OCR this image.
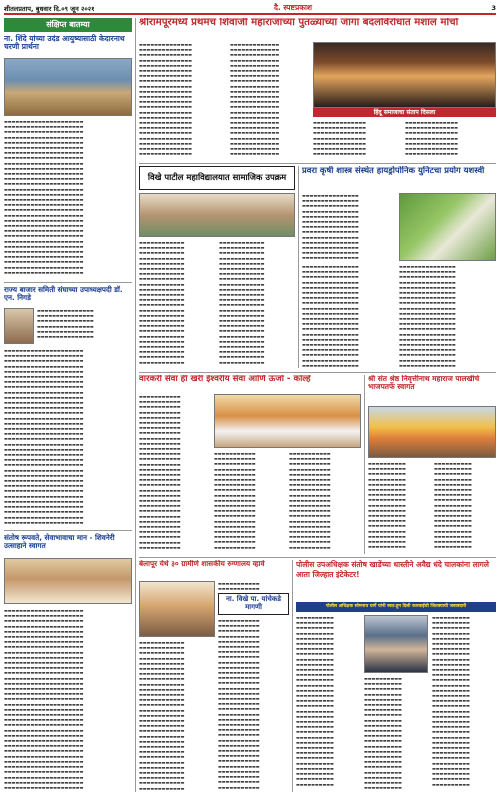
शीतलप्रताप, बुधवार दि.०९ जून २०२१	दै. स्पष्टप्रकाश	3
संक्षिप्त बातम्या
ना. शिंदे यांच्या उदंड आयुष्यासाठी केदारनाथ चरणी प्रार्थना
▬▬▬▬▬▬▬▬▬▬▬▬▬▬▬▬▬▬▬▬▬
▬▬▬▬▬▬▬▬▬▬▬▬▬▬▬▬▬▬▬▬▬
▬▬▬▬▬▬▬▬▬▬▬▬▬▬▬▬▬▬▬▬▬
▬▬▬▬▬▬▬▬▬▬▬▬▬▬▬▬▬▬▬▬▬
▬▬▬▬▬▬▬▬▬▬▬▬▬▬▬▬▬▬▬▬▬
▬▬▬▬▬▬▬▬▬▬▬▬▬▬▬▬▬▬▬▬▬
▬▬▬▬▬▬▬▬▬▬▬▬▬▬▬▬▬▬▬▬▬
▬▬▬▬▬▬▬▬▬▬▬▬▬▬▬▬▬▬▬▬▬
▬▬▬▬▬▬▬▬▬▬▬▬▬▬▬▬▬▬▬▬▬
▬▬▬▬▬▬▬▬▬▬▬▬▬▬▬▬▬▬▬▬▬
▬▬▬▬▬▬▬▬▬▬▬▬▬▬▬▬▬▬▬▬▬
▬▬▬▬▬▬▬▬▬▬▬▬▬▬▬▬▬▬▬▬▬
▬▬▬▬▬▬▬▬▬▬▬▬▬▬▬▬▬▬▬▬▬
▬▬▬▬▬▬▬▬▬▬▬▬▬▬▬▬▬▬▬▬▬
▬▬▬▬▬▬▬▬▬▬▬▬▬▬▬▬▬▬▬▬▬
▬▬▬▬▬▬▬▬▬▬▬▬▬▬▬▬▬▬▬▬▬
▬▬▬▬▬▬▬▬▬▬▬▬▬▬▬▬▬▬▬▬▬
▬▬▬▬▬▬▬▬▬▬▬▬▬▬▬▬▬▬▬▬▬
▬▬▬▬▬▬▬▬▬▬▬▬▬▬▬▬▬▬▬▬▬
▬▬▬▬▬▬▬▬▬▬▬▬▬▬▬▬▬▬▬▬▬
▬▬▬▬▬▬▬▬▬▬▬▬▬▬▬▬▬▬▬▬▬
▬▬▬▬▬▬▬▬▬▬▬▬▬▬▬▬▬▬▬▬▬
▬▬▬▬▬▬▬▬▬▬▬▬▬▬▬▬▬▬▬▬▬
▬▬▬▬▬▬▬▬▬▬▬▬▬▬▬▬▬▬▬▬▬
▬▬▬▬▬▬▬▬▬▬▬▬▬▬▬▬▬▬▬▬▬
▬▬▬▬▬▬▬▬▬▬▬▬▬▬▬▬▬▬▬▬▬
▬▬▬▬▬▬▬▬▬▬▬▬▬▬▬▬▬▬▬▬▬
▬▬▬▬▬▬▬▬▬▬▬▬▬▬▬▬▬▬▬▬▬
▬▬▬▬▬▬▬▬▬▬▬▬▬▬▬▬▬▬▬▬▬
▬▬▬▬▬▬▬▬▬▬▬▬▬▬▬▬▬▬▬▬▬
राज्य बाजार समिती संघाच्या उपाध्यक्षपदी डॉ. एन. निगडे
▬▬▬▬▬▬▬▬▬▬▬▬▬▬▬
▬▬▬▬▬▬▬▬▬▬▬▬▬▬▬
▬▬▬▬▬▬▬▬▬▬▬▬▬▬▬
▬▬▬▬▬▬▬▬▬▬▬▬▬▬▬
▬▬▬▬▬▬▬▬▬▬▬▬▬▬▬
▬▬▬▬▬▬▬▬▬▬▬▬▬▬▬
▬▬▬▬▬▬▬▬▬▬▬▬▬▬▬▬▬▬▬▬▬
▬▬▬▬▬▬▬▬▬▬▬▬▬▬▬▬▬▬▬▬▬
▬▬▬▬▬▬▬▬▬▬▬▬▬▬▬▬▬▬▬▬▬
▬▬▬▬▬▬▬▬▬▬▬▬▬▬▬▬▬▬▬▬▬
▬▬▬▬▬▬▬▬▬▬▬▬▬▬▬▬▬▬▬▬▬
▬▬▬▬▬▬▬▬▬▬▬▬▬▬▬▬▬▬▬▬▬
▬▬▬▬▬▬▬▬▬▬▬▬▬▬▬▬▬▬▬▬▬
▬▬▬▬▬▬▬▬▬▬▬▬▬▬▬▬▬▬▬▬▬
▬▬▬▬▬▬▬▬▬▬▬▬▬▬▬▬▬▬▬▬▬
▬▬▬▬▬▬▬▬▬▬▬▬▬▬▬▬▬▬▬▬▬
▬▬▬▬▬▬▬▬▬▬▬▬▬▬▬▬▬▬▬▬▬
▬▬▬▬▬▬▬▬▬▬▬▬▬▬▬▬▬▬▬▬▬
▬▬▬▬▬▬▬▬▬▬▬▬▬▬▬▬▬▬▬▬▬
▬▬▬▬▬▬▬▬▬▬▬▬▬▬▬▬▬▬▬▬▬
▬▬▬▬▬▬▬▬▬▬▬▬▬▬▬▬▬▬▬▬▬
▬▬▬▬▬▬▬▬▬▬▬▬▬▬▬▬▬▬▬▬▬
▬▬▬▬▬▬▬▬▬▬▬▬▬▬▬▬▬▬▬▬▬
▬▬▬▬▬▬▬▬▬▬▬▬▬▬▬▬▬▬▬▬▬
▬▬▬▬▬▬▬▬▬▬▬▬▬▬▬▬▬▬▬▬▬
▬▬▬▬▬▬▬▬▬▬▬▬▬▬▬▬▬▬▬▬▬
▬▬▬▬▬▬▬▬▬▬▬▬▬▬▬▬▬▬▬▬▬
▬▬▬▬▬▬▬▬▬▬▬▬▬▬▬▬▬▬▬▬▬
▬▬▬▬▬▬▬▬▬▬▬▬▬▬▬▬▬▬▬▬▬
▬▬▬▬▬▬▬▬▬▬▬▬▬▬▬▬▬▬▬▬▬
▬▬▬▬▬▬▬▬▬▬▬▬▬▬▬▬▬▬▬▬▬
▬▬▬▬▬▬▬▬▬▬▬▬▬▬▬▬▬▬▬▬▬
▬▬▬▬▬▬▬▬▬▬▬▬▬▬▬▬▬▬▬▬▬
▬▬▬▬▬▬▬▬▬▬▬▬▬▬▬▬▬▬▬▬▬
▬▬▬▬▬▬▬▬▬▬▬▬▬▬▬▬▬▬▬▬▬
▬▬▬▬▬▬▬▬▬▬▬▬▬▬▬▬▬▬▬▬▬
▬▬▬▬▬▬▬▬▬▬▬▬▬▬▬▬▬▬▬▬▬
▬▬▬▬▬▬▬▬▬▬▬▬▬▬▬▬▬▬▬▬▬
▬▬▬▬▬▬▬▬▬▬▬▬▬▬▬▬▬▬▬▬▬
▬▬▬▬▬▬▬▬▬▬▬▬▬▬▬▬▬▬▬▬▬
संतोष रूपवते, सेवाभावाचा मान - शिवनेरी उत्साहाने स्वागत
▬▬▬▬▬▬▬▬▬▬▬▬▬▬▬▬▬▬▬▬▬
▬▬▬▬▬▬▬▬▬▬▬▬▬▬▬▬▬▬▬▬▬
▬▬▬▬▬▬▬▬▬▬▬▬▬▬▬▬▬▬▬▬▬
▬▬▬▬▬▬▬▬▬▬▬▬▬▬▬▬▬▬▬▬▬
▬▬▬▬▬▬▬▬▬▬▬▬▬▬▬▬▬▬▬▬▬
▬▬▬▬▬▬▬▬▬▬▬▬▬▬▬▬▬▬▬▬▬
▬▬▬▬▬▬▬▬▬▬▬▬▬▬▬▬▬▬▬▬▬
▬▬▬▬▬▬▬▬▬▬▬▬▬▬▬▬▬▬▬▬▬
▬▬▬▬▬▬▬▬▬▬▬▬▬▬▬▬▬▬▬▬▬
▬▬▬▬▬▬▬▬▬▬▬▬▬▬▬▬▬▬▬▬▬
▬▬▬▬▬▬▬▬▬▬▬▬▬▬▬▬▬▬▬▬▬
▬▬▬▬▬▬▬▬▬▬▬▬▬▬▬▬▬▬▬▬▬
▬▬▬▬▬▬▬▬▬▬▬▬▬▬▬▬▬▬▬▬▬
▬▬▬▬▬▬▬▬▬▬▬▬▬▬▬▬▬▬▬▬▬
▬▬▬▬▬▬▬▬▬▬▬▬▬▬▬▬▬▬▬▬▬
▬▬▬▬▬▬▬▬▬▬▬▬▬▬▬▬▬▬▬▬▬
▬▬▬▬▬▬▬▬▬▬▬▬▬▬▬▬▬▬▬▬▬
▬▬▬▬▬▬▬▬▬▬▬▬▬▬▬▬▬▬▬▬▬
▬▬▬▬▬▬▬▬▬▬▬▬▬▬▬▬▬▬▬▬▬
▬▬▬▬▬▬▬▬▬▬▬▬▬▬▬▬▬▬▬▬▬
▬▬▬▬▬▬▬▬▬▬▬▬▬▬▬▬▬▬▬▬▬
▬▬▬▬▬▬▬▬▬▬▬▬▬▬▬▬▬▬▬▬▬
▬▬▬▬▬▬▬▬▬▬▬▬▬▬▬▬▬▬▬▬▬
▬▬▬▬▬▬▬▬▬▬▬▬▬▬▬▬▬▬▬▬▬
▬▬▬▬▬▬▬▬▬▬▬▬▬▬▬▬▬▬▬▬▬
▬▬▬▬▬▬▬▬▬▬▬▬▬▬▬▬▬▬▬▬▬
▬▬▬▬▬▬▬▬▬▬▬▬▬▬▬▬▬▬▬▬▬
▬▬▬▬▬▬▬▬▬▬▬▬▬▬▬▬▬▬▬▬▬
▬▬▬▬▬▬▬▬▬▬▬▬▬▬▬▬▬▬▬▬▬
▬▬▬▬▬▬▬▬▬▬▬▬▬▬▬▬▬▬▬▬▬
▬▬▬▬▬▬▬▬▬▬▬▬▬▬▬▬▬▬▬▬▬
▬▬▬▬▬▬▬▬▬▬▬▬▬▬▬▬▬▬▬▬▬
▬▬▬▬▬▬▬▬▬▬▬▬▬▬▬▬▬▬▬▬▬
▬▬▬▬▬▬▬▬▬▬▬▬▬▬▬▬▬▬▬▬▬
▬▬▬▬▬▬▬▬▬▬▬▬▬▬▬▬▬▬▬▬▬
श्रीरामपूरमध्ये प्रथमच शिवाजी महाराजांच्या पुतळ्याच्या जागा बदलविरोधात मशाल मोर्चा
▬▬▬▬▬▬▬▬▬▬▬▬▬▬
▬▬▬▬▬▬▬▬▬▬▬▬▬▬
▬▬▬▬▬▬▬▬▬▬▬▬▬▬
▬▬▬▬▬▬▬▬▬▬▬▬▬▬
▬▬▬▬▬▬▬▬▬▬▬▬▬▬
▬▬▬▬▬▬▬▬▬▬▬▬▬▬
▬▬▬▬▬▬▬▬▬▬▬▬▬▬
▬▬▬▬▬▬▬▬▬▬▬▬▬▬
▬▬▬▬▬▬▬▬▬▬▬▬▬▬
▬▬▬▬▬▬▬▬▬▬▬▬▬▬
▬▬▬▬▬▬▬▬▬▬▬▬▬▬
▬▬▬▬▬▬▬▬▬▬▬▬▬▬
▬▬▬▬▬▬▬▬▬▬▬▬▬▬
▬▬▬▬▬▬▬▬▬▬▬▬▬▬
▬▬▬▬▬▬▬▬▬▬▬▬▬▬
▬▬▬▬▬▬▬▬▬▬▬▬▬▬
▬▬▬▬▬▬▬▬▬▬▬▬▬▬
▬▬▬▬▬▬▬▬▬▬▬▬▬▬
▬▬▬▬▬▬▬▬▬▬▬▬▬▬
▬▬▬▬▬▬▬▬▬▬▬▬▬▬
▬▬▬▬▬▬▬▬▬▬▬▬▬▬
▬▬▬▬▬▬▬▬▬▬▬▬▬▬
▬▬▬▬▬▬▬▬▬▬▬▬▬
▬▬▬▬▬▬▬▬▬▬▬▬▬
▬▬▬▬▬▬▬▬▬▬▬▬▬
▬▬▬▬▬▬▬▬▬▬▬▬▬
▬▬▬▬▬▬▬▬▬▬▬▬▬
▬▬▬▬▬▬▬▬▬▬▬▬▬
▬▬▬▬▬▬▬▬▬▬▬▬▬
▬▬▬▬▬▬▬▬▬▬▬▬▬
▬▬▬▬▬▬▬▬▬▬▬▬▬
▬▬▬▬▬▬▬▬▬▬▬▬▬
▬▬▬▬▬▬▬▬▬▬▬▬▬
▬▬▬▬▬▬▬▬▬▬▬▬▬
▬▬▬▬▬▬▬▬▬▬▬▬▬
▬▬▬▬▬▬▬▬▬▬▬▬▬
▬▬▬▬▬▬▬▬▬▬▬▬▬
▬▬▬▬▬▬▬▬▬▬▬▬▬
▬▬▬▬▬▬▬▬▬▬▬▬▬
▬▬▬▬▬▬▬▬▬▬▬▬▬
▬▬▬▬▬▬▬▬▬▬▬▬▬
▬▬▬▬▬▬▬▬▬▬▬▬▬
▬▬▬▬▬▬▬▬▬▬▬▬▬
▬▬▬▬▬▬▬▬▬▬▬▬▬
हिंदू समाजाचा संताप दिसला
▬▬▬▬▬▬▬▬▬▬▬▬▬▬
▬▬▬▬▬▬▬▬▬▬▬▬▬▬
▬▬▬▬▬▬▬▬▬▬▬▬▬▬
▬▬▬▬▬▬▬▬▬▬▬▬▬▬
▬▬▬▬▬▬▬▬▬▬▬▬▬▬
▬▬▬▬▬▬▬▬▬▬▬▬▬▬
▬▬▬▬▬▬▬▬▬▬▬▬▬▬
▬▬▬▬▬▬▬▬▬▬▬▬▬▬
▬▬▬▬▬▬▬▬▬▬▬▬▬▬
▬▬▬▬▬▬▬▬▬▬▬▬▬▬
▬▬▬▬▬▬▬▬▬▬▬▬▬▬
▬▬▬▬▬▬▬▬▬▬▬▬▬▬
▬▬▬▬▬▬▬▬▬▬▬▬▬▬
▬▬▬▬▬▬▬▬▬▬▬▬▬▬
विखे पाटील महाविद्यालयात सामाजिक उपक्रम
▬▬▬▬▬▬▬▬▬▬▬▬
▬▬▬▬▬▬▬▬▬▬▬▬
▬▬▬▬▬▬▬▬▬▬▬▬
▬▬▬▬▬▬▬▬▬▬▬▬
▬▬▬▬▬▬▬▬▬▬▬▬
▬▬▬▬▬▬▬▬▬▬▬▬
▬▬▬▬▬▬▬▬▬▬▬▬
▬▬▬▬▬▬▬▬▬▬▬▬
▬▬▬▬▬▬▬▬▬▬▬▬
▬▬▬▬▬▬▬▬▬▬▬▬
▬▬▬▬▬▬▬▬▬▬▬▬
▬▬▬▬▬▬▬▬▬▬▬▬
▬▬▬▬▬▬▬▬▬▬▬▬
▬▬▬▬▬▬▬▬▬▬▬▬
▬▬▬▬▬▬▬▬▬▬▬▬
▬▬▬▬▬▬▬▬▬▬▬▬
▬▬▬▬▬▬▬▬▬▬▬▬
▬▬▬▬▬▬▬▬▬▬▬▬
▬▬▬▬▬▬▬▬▬▬▬▬
▬▬▬▬▬▬▬▬▬▬▬▬
▬▬▬▬▬▬▬▬▬▬▬▬
▬▬▬▬▬▬▬▬▬▬▬▬
▬▬▬▬▬▬▬▬▬▬▬▬
▬▬▬▬▬▬▬▬▬▬▬▬
▬▬▬▬▬▬▬▬▬▬▬▬
▬▬▬▬▬▬▬▬▬▬▬▬
▬▬▬▬▬▬▬▬▬▬▬▬
▬▬▬▬▬▬▬▬▬▬▬▬
▬▬▬▬▬▬▬▬▬▬▬▬
▬▬▬▬▬▬▬▬▬▬▬▬
▬▬▬▬▬▬▬▬▬▬▬▬
▬▬▬▬▬▬▬▬▬▬▬▬
▬▬▬▬▬▬▬▬▬▬▬▬
▬▬▬▬▬▬▬▬▬▬▬▬
▬▬▬▬▬▬▬▬▬▬▬▬
▬▬▬▬▬▬▬▬▬▬▬▬
▬▬▬▬▬▬▬▬▬▬▬▬
▬▬▬▬▬▬▬▬▬▬▬▬
▬▬▬▬▬▬▬▬▬▬▬▬
▬▬▬▬▬▬▬▬▬▬▬▬
▬▬▬▬▬▬▬▬▬▬▬▬
▬▬▬▬▬▬▬▬▬▬▬▬
▬▬▬▬▬▬▬▬▬▬▬▬
▬▬▬▬▬▬▬▬▬▬▬▬
▬▬▬▬▬▬▬▬▬▬▬▬
▬▬▬▬▬▬▬▬▬▬▬▬
▬▬▬▬▬▬▬▬▬▬▬▬
▬▬▬▬▬▬▬▬▬▬▬▬
प्रवरा कृषी शास्त्र संस्थेत हायड्रोपोनिक युनिटचा प्रयोग यशस्वी
▬▬▬▬▬▬▬▬▬▬▬▬▬▬▬
▬▬▬▬▬▬▬▬▬▬▬▬▬▬▬
▬▬▬▬▬▬▬▬▬▬▬▬▬▬▬
▬▬▬▬▬▬▬▬▬▬▬▬▬▬▬
▬▬▬▬▬▬▬▬▬▬▬▬▬▬▬
▬▬▬▬▬▬▬▬▬▬▬▬▬▬▬
▬▬▬▬▬▬▬▬▬▬▬▬▬▬▬
▬▬▬▬▬▬▬▬▬▬▬▬▬▬▬
▬▬▬▬▬▬▬▬▬▬▬▬▬▬▬
▬▬▬▬▬▬▬▬▬▬▬▬▬▬▬
▬▬▬▬▬▬▬▬▬▬▬▬▬▬▬
▬▬▬▬▬▬▬▬▬▬▬▬▬▬▬
▬▬▬▬▬▬▬▬▬▬▬▬▬▬▬
▬▬▬▬▬▬▬▬▬▬▬▬▬▬▬
▬▬▬▬▬▬▬▬▬▬▬▬▬▬▬
▬▬▬▬▬▬▬▬▬▬▬▬▬▬▬
▬▬▬▬▬▬▬▬▬▬▬▬▬▬▬
▬▬▬▬▬▬▬▬▬▬▬▬▬▬▬
▬▬▬▬▬▬▬▬▬▬▬▬▬▬▬
▬▬▬▬▬▬▬▬▬▬▬▬▬▬▬
▬▬▬▬▬▬▬▬▬▬▬▬▬▬▬
▬▬▬▬▬▬▬▬▬▬▬▬▬▬▬
▬▬▬▬▬▬▬▬▬▬▬▬▬▬▬
▬▬▬▬▬▬▬▬▬▬▬▬▬▬▬
▬▬▬▬▬▬▬▬▬▬▬▬▬▬▬
▬▬▬▬▬▬▬▬▬▬▬▬▬▬▬
▬▬▬▬▬▬▬▬▬▬▬▬▬▬▬
▬▬▬▬▬▬▬▬▬▬▬▬▬▬▬
▬▬▬▬▬▬▬▬▬▬▬▬▬▬▬
▬▬▬▬▬▬▬▬▬▬▬▬▬▬▬
▬▬▬▬▬▬▬▬▬▬▬▬▬▬▬
▬▬▬▬▬▬▬▬▬▬▬▬▬▬▬
▬▬▬▬▬▬▬▬▬▬▬▬▬▬▬
▬▬▬▬▬▬▬▬▬▬▬▬▬▬▬
▬▬▬▬▬▬▬▬▬▬▬▬▬▬▬
▬▬▬▬▬▬▬▬▬▬▬▬▬▬▬
▬▬▬▬▬▬▬▬▬▬▬▬▬▬▬
▬▬▬▬▬▬▬▬▬▬▬▬▬▬▬
▬▬▬▬▬▬▬▬▬▬▬▬▬▬▬
▬▬▬▬▬▬▬▬▬▬▬▬▬▬▬
▬▬▬▬▬▬▬▬▬▬▬▬▬▬▬
▬▬▬▬▬▬▬▬▬▬▬▬▬▬▬
▬▬▬▬▬▬▬▬▬▬▬▬▬▬▬
▬▬▬▬▬▬▬▬▬▬▬▬▬▬▬
▬▬▬▬▬▬▬▬▬▬▬▬▬▬▬
▬▬▬▬▬▬▬▬▬▬▬▬▬▬▬
▬▬▬▬▬▬▬▬▬▬▬▬▬▬▬
▬▬▬▬▬▬▬▬▬▬▬▬▬▬▬
▬▬▬▬▬▬▬▬▬▬▬▬▬▬▬
▬▬▬▬▬▬▬▬▬▬▬▬▬▬▬
▬▬▬▬▬▬▬▬▬▬▬▬▬▬▬
▬▬▬▬▬▬▬▬▬▬▬▬▬▬▬
▬▬▬▬▬▬▬▬▬▬▬▬▬▬▬
वारकरी सेवा ही खरी ईश्वरीय सेवा आणि ऊर्जा - कोल्हे
▬▬▬▬▬▬▬▬▬▬▬
▬▬▬▬▬▬▬▬▬▬▬
▬▬▬▬▬▬▬▬▬▬▬
▬▬▬▬▬▬▬▬▬▬▬
▬▬▬▬▬▬▬▬▬▬▬
▬▬▬▬▬▬▬▬▬▬▬
▬▬▬▬▬▬▬▬▬▬▬
▬▬▬▬▬▬▬▬▬▬▬
▬▬▬▬▬▬▬▬▬▬▬
▬▬▬▬▬▬▬▬▬▬▬
▬▬▬▬▬▬▬▬▬▬▬
▬▬▬▬▬▬▬▬▬▬▬
▬▬▬▬▬▬▬▬▬▬▬
▬▬▬▬▬▬▬▬▬▬▬
▬▬▬▬▬▬▬▬▬▬▬
▬▬▬▬▬▬▬▬▬▬▬
▬▬▬▬▬▬▬▬▬▬▬
▬▬▬▬▬▬▬▬▬▬▬
▬▬▬▬▬▬▬▬▬▬▬
▬▬▬▬▬▬▬▬▬▬▬
▬▬▬▬▬▬▬▬▬▬▬
▬▬▬▬▬▬▬▬▬▬▬
▬▬▬▬▬▬▬▬▬▬▬
▬▬▬▬▬▬▬▬▬▬▬
▬▬▬▬▬▬▬▬▬▬▬
▬▬▬▬▬▬▬▬▬▬▬
▬▬▬▬▬▬▬▬▬▬▬
▬▬▬▬▬▬▬▬▬▬▬
▬▬▬▬▬▬▬▬▬▬▬
▬▬▬▬▬▬▬▬▬▬▬
▬▬▬▬▬▬▬▬▬▬▬
▬▬▬▬▬▬▬▬▬▬▬
▬▬▬▬▬▬▬▬▬▬▬
▬▬▬▬▬▬▬▬▬▬▬
▬▬▬▬▬▬▬▬▬▬▬
▬▬▬▬▬▬▬▬▬▬▬
▬▬▬▬▬▬▬▬▬▬▬
▬▬▬▬▬▬▬▬▬▬▬
▬▬▬▬▬▬▬▬▬▬▬
▬▬▬▬▬▬▬▬▬▬▬
▬▬▬▬▬▬▬▬▬▬▬
▬▬▬▬▬▬▬▬▬▬▬
▬▬▬▬▬▬▬▬▬▬▬
▬▬▬▬▬▬▬▬▬▬▬
▬▬▬▬▬▬▬▬▬▬▬
▬▬▬▬▬▬▬▬▬▬▬
▬▬▬▬▬▬▬▬▬▬▬
▬▬▬▬▬▬▬▬▬▬▬
▬▬▬▬▬▬▬▬▬▬▬
▬▬▬▬▬▬▬▬▬▬▬
▬▬▬▬▬▬▬▬▬▬▬
▬▬▬▬▬▬▬▬▬▬▬
▬▬▬▬▬▬▬▬▬▬▬
▬▬▬▬▬▬▬▬▬▬▬
▬▬▬▬▬▬▬▬▬▬▬
▬▬▬▬▬▬▬▬▬▬▬
▬▬▬▬▬▬▬▬▬▬▬
▬▬▬▬▬▬▬▬▬▬▬
▬▬▬▬▬▬▬▬▬▬▬
▬▬▬▬▬▬▬▬▬▬▬
▬▬▬▬▬▬▬▬▬▬▬
▬▬▬▬▬▬▬▬▬▬▬
▬▬▬▬▬▬▬▬▬▬▬
▬▬▬▬▬▬▬▬▬▬▬
▬▬▬▬▬▬▬▬▬▬▬
▬▬▬▬▬▬▬▬▬▬▬
▬▬▬▬▬▬▬▬▬▬▬
▬▬▬▬▬▬▬▬▬▬▬
श्री संत श्रेष्ठ निवृत्तीनाथ महाराज पालखीचे भाजपतर्फे स्वागत
▬▬▬▬▬▬▬▬▬▬
▬▬▬▬▬▬▬▬▬▬
▬▬▬▬▬▬▬▬▬▬
▬▬▬▬▬▬▬▬▬▬
▬▬▬▬▬▬▬▬▬▬
▬▬▬▬▬▬▬▬▬▬
▬▬▬▬▬▬▬▬▬▬
▬▬▬▬▬▬▬▬▬▬
▬▬▬▬▬▬▬▬▬▬
▬▬▬▬▬▬▬▬▬▬
▬▬▬▬▬▬▬▬▬▬
▬▬▬▬▬▬▬▬▬▬
▬▬▬▬▬▬▬▬▬▬
▬▬▬▬▬▬▬▬▬▬
▬▬▬▬▬▬▬▬▬▬
▬▬▬▬▬▬▬▬▬▬
▬▬▬▬▬▬▬▬▬▬
▬▬▬▬▬▬▬▬▬▬
▬▬▬▬▬▬▬▬▬▬
▬▬▬▬▬▬▬▬▬▬
▬▬▬▬▬▬▬▬▬▬
▬▬▬▬▬▬▬▬▬▬
▬▬▬▬▬▬▬▬▬▬
▬▬▬▬▬▬▬▬▬▬
▬▬▬▬▬▬▬▬▬▬
▬▬▬▬▬▬▬▬▬▬
▬▬▬▬▬▬▬▬▬▬
▬▬▬▬▬▬▬▬▬▬
▬▬▬▬▬▬▬▬▬▬
▬▬▬▬▬▬▬▬▬▬
▬▬▬▬▬▬▬▬▬▬
▬▬▬▬▬▬▬▬▬▬
▬▬▬▬▬▬▬▬▬▬
▬▬▬▬▬▬▬▬▬▬
बेलापूर येथे ३० ग्रामीणे शासकीय रुग्णालय व्हावे
▬▬▬▬▬▬▬▬▬▬▬
▬▬▬▬▬▬▬▬▬▬▬
ना. विखे पा. यांचेकडे मागणी
▬▬▬▬▬▬▬▬▬▬▬▬
▬▬▬▬▬▬▬▬▬▬▬▬
▬▬▬▬▬▬▬▬▬▬▬▬
▬▬▬▬▬▬▬▬▬▬▬▬
▬▬▬▬▬▬▬▬▬▬▬▬
▬▬▬▬▬▬▬▬▬▬▬▬
▬▬▬▬▬▬▬▬▬▬▬▬
▬▬▬▬▬▬▬▬▬▬▬▬
▬▬▬▬▬▬▬▬▬▬▬▬
▬▬▬▬▬▬▬▬▬▬▬▬
▬▬▬▬▬▬▬▬▬▬▬▬
▬▬▬▬▬▬▬▬▬▬▬▬
▬▬▬▬▬▬▬▬▬▬▬▬
▬▬▬▬▬▬▬▬▬▬▬▬
▬▬▬▬▬▬▬▬▬▬▬▬
▬▬▬▬▬▬▬▬▬▬▬▬
▬▬▬▬▬▬▬▬▬▬▬▬
▬▬▬▬▬▬▬▬▬▬▬▬
▬▬▬▬▬▬▬▬▬▬▬▬
▬▬▬▬▬▬▬▬▬▬▬▬
▬▬▬▬▬▬▬▬▬▬▬▬
▬▬▬▬▬▬▬▬▬▬▬▬
▬▬▬▬▬▬▬▬▬▬▬▬
▬▬▬▬▬▬▬▬▬▬▬▬
▬▬▬▬▬▬▬▬▬▬▬▬
▬▬▬▬▬▬▬▬▬▬▬▬
▬▬▬▬▬▬▬▬▬▬▬▬
▬▬▬▬▬▬▬▬▬▬▬▬
▬▬▬▬▬▬▬▬▬▬▬▬
▬▬▬▬▬▬▬▬▬▬▬
▬▬▬▬▬▬▬▬▬▬▬
▬▬▬▬▬▬▬▬▬▬▬
▬▬▬▬▬▬▬▬▬▬▬
▬▬▬▬▬▬▬▬▬▬▬
▬▬▬▬▬▬▬▬▬▬▬
▬▬▬▬▬▬▬▬▬▬▬
▬▬▬▬▬▬▬▬▬▬▬
▬▬▬▬▬▬▬▬▬▬▬
▬▬▬▬▬▬▬▬▬▬▬
▬▬▬▬▬▬▬▬▬▬▬
▬▬▬▬▬▬▬▬▬▬▬
▬▬▬▬▬▬▬▬▬▬▬
▬▬▬▬▬▬▬▬▬▬▬
▬▬▬▬▬▬▬▬▬▬▬
▬▬▬▬▬▬▬▬▬▬▬
▬▬▬▬▬▬▬▬▬▬▬
▬▬▬▬▬▬▬▬▬▬▬
▬▬▬▬▬▬▬▬▬▬▬
▬▬▬▬▬▬▬▬▬▬▬
▬▬▬▬▬▬▬▬▬▬▬
▬▬▬▬▬▬▬▬▬▬▬
▬▬▬▬▬▬▬▬▬▬▬
▬▬▬▬▬▬▬▬▬▬▬
▬▬▬▬▬▬▬▬▬▬▬
▬▬▬▬▬▬▬▬▬▬▬
▬▬▬▬▬▬▬▬▬▬▬
▬▬▬▬▬▬▬▬▬▬▬
▬▬▬▬▬▬▬▬▬▬▬
▬▬▬▬▬▬▬▬▬▬▬
▬▬▬▬▬▬▬▬▬▬▬
▬▬▬▬▬▬▬▬▬▬▬
▬▬▬▬▬▬▬▬▬▬▬
पोलीस उपअधिक्षक संतोष खाडेंच्या धास्तीने अवैद्य धंदे चालकांना लागले आता जिल्हात इंटेकेटर!
पोलीस अधिक्षक सोमनाथ घार्गे यांनी स्वत:हून दिली कारवाईची जितक्याची जबाबदारी
▬▬▬▬▬▬▬▬▬▬
▬▬▬▬▬▬▬▬▬▬
▬▬▬▬▬▬▬▬▬▬
▬▬▬▬▬▬▬▬▬▬
▬▬▬▬▬▬▬▬▬▬
▬▬▬▬▬▬▬▬▬▬
▬▬▬▬▬▬▬▬▬▬
▬▬▬▬▬▬▬▬▬▬
▬▬▬▬▬▬▬▬▬▬
▬▬▬▬▬▬▬▬▬▬
▬▬▬▬▬▬▬▬▬▬
▬▬▬▬▬▬▬▬▬▬
▬▬▬▬▬▬▬▬▬▬
▬▬▬▬▬▬▬▬▬▬
▬▬▬▬▬▬▬▬▬▬
▬▬▬▬▬▬▬▬▬▬
▬▬▬▬▬▬▬▬▬▬
▬▬▬▬▬▬▬▬▬▬
▬▬▬▬▬▬▬▬▬▬
▬▬▬▬▬▬▬▬▬▬
▬▬▬▬▬▬▬▬▬▬
▬▬▬▬▬▬▬▬▬▬
▬▬▬▬▬▬▬▬▬▬
▬▬▬▬▬▬▬▬▬▬
▬▬▬▬▬▬▬▬▬▬
▬▬▬▬▬▬▬▬▬▬
▬▬▬▬▬▬▬▬▬▬
▬▬▬▬▬▬▬▬▬▬
▬▬▬▬▬▬▬▬▬▬
▬▬▬▬▬▬▬▬▬▬
▬▬▬▬▬▬▬▬▬▬
▬▬▬▬▬▬▬▬▬▬
▬▬▬▬▬▬▬▬▬▬
▬▬▬▬▬▬▬▬▬▬
▬▬▬▬▬▬▬▬▬▬
▬▬▬▬▬▬▬▬▬▬
▬▬▬▬▬▬▬▬▬▬
▬▬▬▬▬▬▬▬▬▬
▬▬▬▬▬▬▬▬▬▬
▬▬▬▬▬▬▬▬▬▬
▬▬▬▬▬▬▬▬▬▬
▬▬▬▬▬▬▬▬▬▬
▬▬▬▬▬▬▬▬▬▬
▬▬▬▬▬▬▬▬▬▬
▬▬▬▬▬▬▬▬▬▬
▬▬▬▬▬▬▬▬▬▬
▬▬▬▬▬▬▬▬▬▬
▬▬▬▬▬▬▬▬▬▬
▬▬▬▬▬▬▬▬▬▬
▬▬▬▬▬▬▬▬▬▬
▬▬▬▬▬▬▬▬▬▬
▬▬▬▬▬▬▬▬▬▬
▬▬▬▬▬▬▬▬▬▬
▬▬▬▬▬▬▬▬▬▬
▬▬▬▬▬▬▬▬▬▬
▬▬▬▬▬▬▬▬▬▬
▬▬▬▬▬▬▬▬▬▬
▬▬▬▬▬▬▬▬▬▬
▬▬▬▬▬▬▬▬▬▬
▬▬▬▬▬▬▬▬▬▬
▬▬▬▬▬▬▬▬▬▬
▬▬▬▬▬▬▬▬▬▬
▬▬▬▬▬▬▬▬▬▬
▬▬▬▬▬▬▬▬▬▬
▬▬▬▬▬▬▬▬▬▬
▬▬▬▬▬▬▬▬▬▬
▬▬▬▬▬▬▬▬▬▬
▬▬▬▬▬▬▬▬▬▬
▬▬▬▬▬▬▬▬▬▬
▬▬▬▬▬▬▬▬▬▬
▬▬▬▬▬▬▬▬▬▬
▬▬▬▬▬▬▬▬▬▬
▬▬▬▬▬▬▬▬▬▬
▬▬▬▬▬▬▬▬▬▬
▬▬▬▬▬▬▬▬▬▬
▬▬▬▬▬▬▬▬▬▬
▬▬▬▬▬▬▬▬▬▬
▬▬▬▬▬▬▬▬▬▬
▬▬▬▬▬▬▬▬▬▬
▬▬▬▬▬▬▬▬▬▬
▬▬▬▬▬▬▬▬▬▬
▬▬▬▬▬▬▬▬▬▬
▬▬▬▬▬▬▬▬▬▬
▬▬▬▬▬▬▬▬▬▬
▬▬▬▬▬▬▬▬▬▬
▬▬▬▬▬▬▬▬▬▬
▬▬▬▬▬▬▬▬▬▬
▬▬▬▬▬▬▬▬▬▬
